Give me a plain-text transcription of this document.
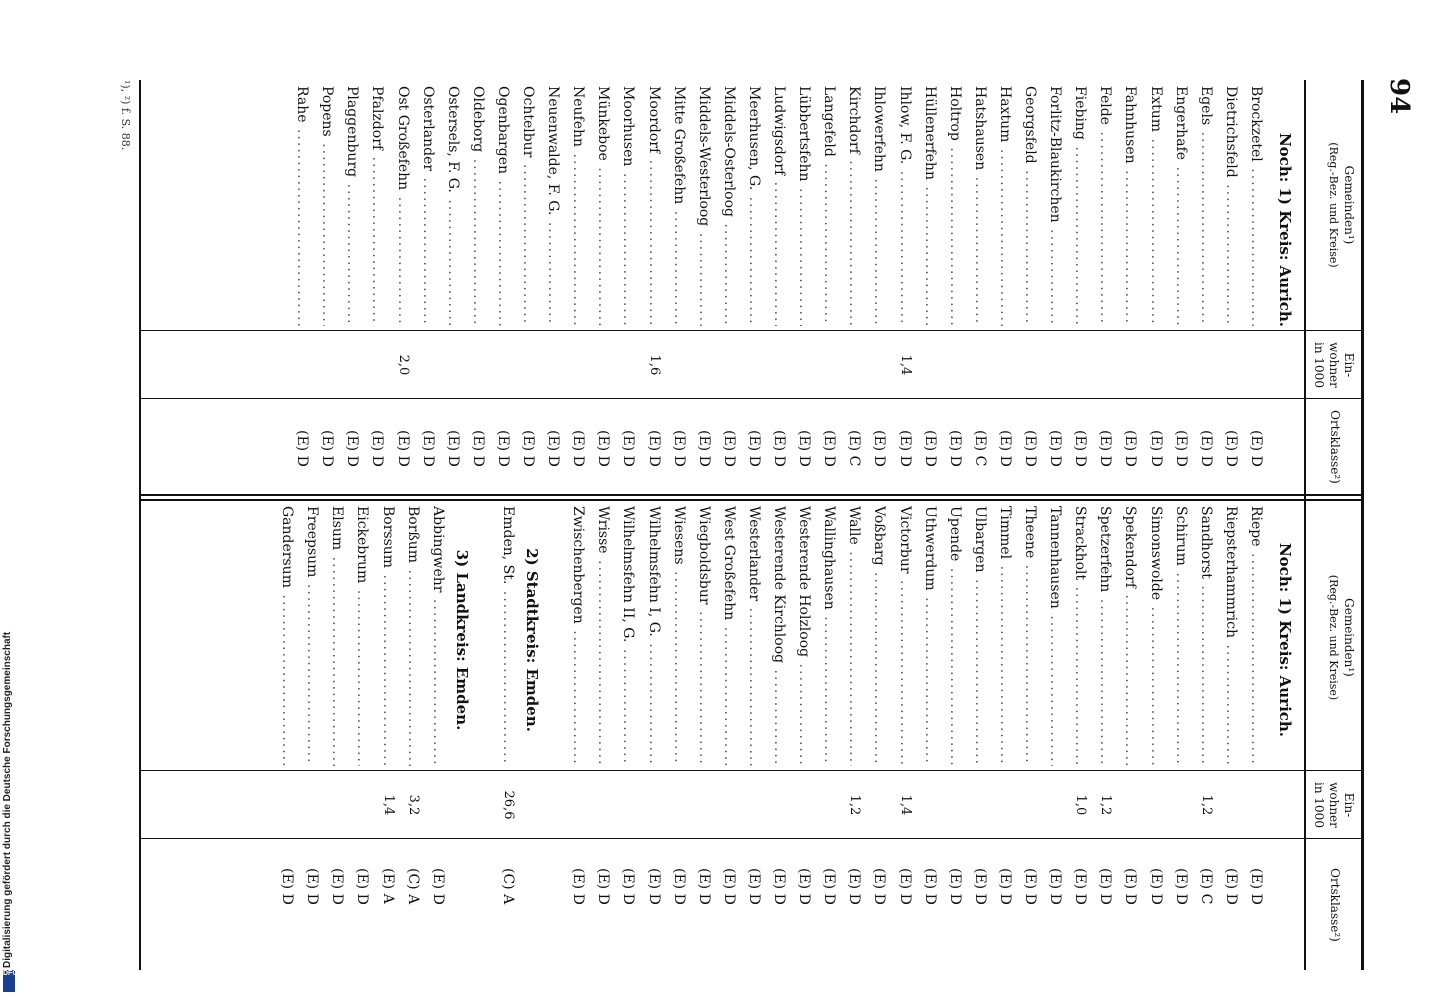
94
Gemeinden¹)
(Reg.-Bez. und Kreise)
Ein-wohner in 1000
Ortsklasse²)
Gemeinden¹)
(Reg.-Bez. und Kreise)
Ein-wohner in 1000
Ortsklasse²)
Noch: 1) Kreis: Aurich.
Noch: 1) Kreis: Aurich.
Brockzetel .....
(E) D
Dietrichsfeld .....
(E) D
Egels .....
(E) D
Engerhafe .....
(E) D
Extum .....
(E) D
Fahnhusen .....
(E) D
Felde .....
(E) D
Fiebing .....
(E) D
Forlitz-Blaukirchen .....
(E) D
Georgsfeld .....
(E) D
Haxtum .....
(E) D
Hatshausen .....
(E) C
Holtrop .....
(E) D
Hüllenerfehn .....
(E) D
Ihlow, F. G. .....
1,4
(E) D
Ihlowerfehn .....
(E) D
Kirchdorf .....
(E) C
Langefeld .....
(E) D
Lübbertsfehn .....
(E) D
Ludwigsdorf .....
(E) D
Meerhusen, G. .....
(E) D
Middels-Osterloog .....
(E) D
Middels-Westerloog .....
(E) D
Mitte Großefehn .....
(E) D
Moordorf .....
1,6
(E) D
Moorhusen .....
(E) D
Münkeboe .....
(E) D
Neufehn .....
(E) D
Neuenwalde, F. G. .....
(E) D
Ochtelbur .....
(E) D
Ogenbargen .....
(E) D
Oldeborg .....
(E) D
Ostersels, F. G. .....
(E) D
Osterlander .....
(E) D
Ost Großefehn .....
2,0
(E) D
Pfalzdorf .....
(E) D
Plaggenburg .....
(E) D
Popens .....
(E) D
Rahe .....
(E) D
Riepe .....
(E) D
Riepsterhammrich .....
(E) D
Sandhorst .....
1,2
(E) C
Schirum .....
(E) D
Simonswolde .....
(E) D
Spekendorf .....
(E) D
Spetzerfehn .....
1,2
(E) D
Strackholt .....
1,0
(E) D
Tannenhausen .....
(E) D
Theene .....
(E) D
Timmel .....
(E) D
Ulbargen .....
(E) D
Upende .....
(E) D
Uthwerdum .....
(E) D
Victorbur .....
1,4
(E) D
Voßbarg .....
(E) D
Walle .....
1,2
(E) D
Wallinghausen .....
(E) D
Westerende Holzloog .....
(E) D
Westerende Kirchloog .....
(E) D
Westerlander .....
(E) D
West Großefehn .....
(E) D
Wiegboldsbur .....
(E) D
Wiesens .....
(E) D
Wilhelmsfehn I, G. .....
(E) D
Wilhelmsfehn II, G. .....
(E) D
Wrisse .....
(E) D
Zwischenbergen .....
(E) D
2) Stadtkreis: Emden.
Emden, St. .....
26,6
(C) A
3) Landkreis: Emden.
Abbingwehr .....
(E) D
Borßum .....
3,2
(C) A
Borssum .....
1,4
(E) A
Eickebrum .....
(E) D
Elsum .....
(E) D
Freepsum .....
(E) D
Gandersum .....
(E) D
¹), ²) f. S. 88.
Digitalisierung gefördert durch die Deutsche Forschungsgemeinschaft
DFG
